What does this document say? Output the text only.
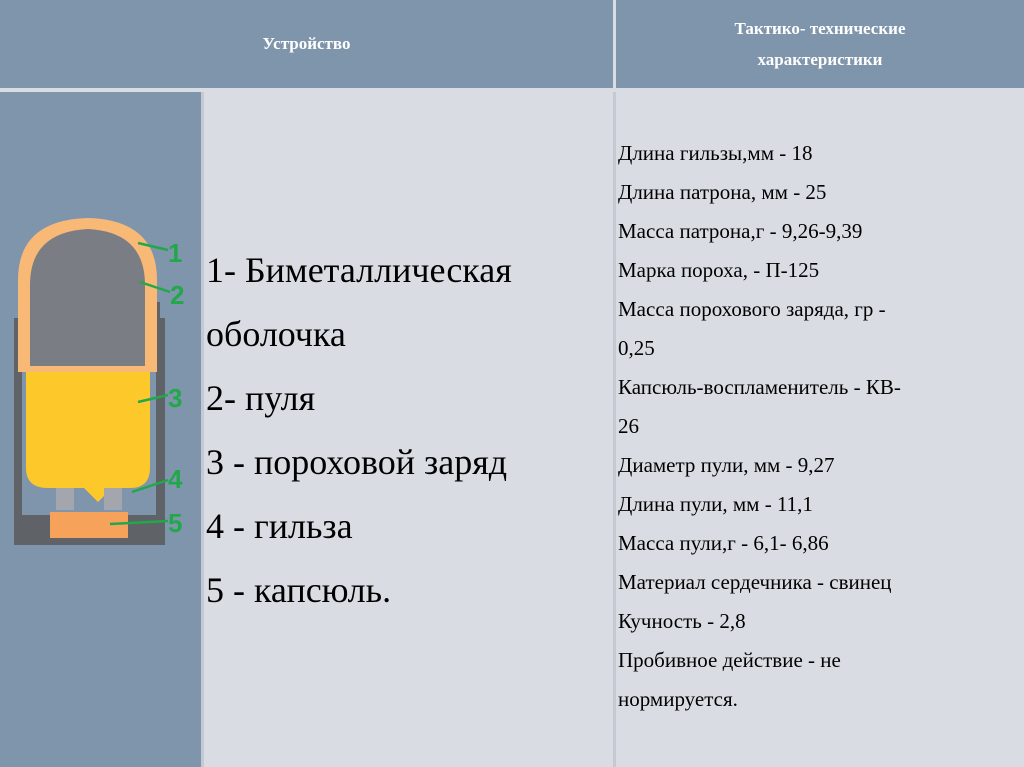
Устройство
Тактико- технические
характеристики
1
2
3
4
5
1- Биметаллическая
оболочка
2- пуля
3 - пороховой заряд
4 - гильза
5 - капсюль.
Длина гильзы,мм - 18
Длина патрона, мм - 25
Масса патрона,г - 9,26-9,39
Марка пороха, - П-125
Масса порохового заряда, гр -
0,25
Капсюль-воспламенитель - КВ-
26
Диаметр пули, мм - 9,27
Длина пули, мм - 11,1
Масса пули,г - 6,1- 6,86
Материал сердечника - свинец
Кучность - 2,8
Пробивное действие - не
нормируется.
